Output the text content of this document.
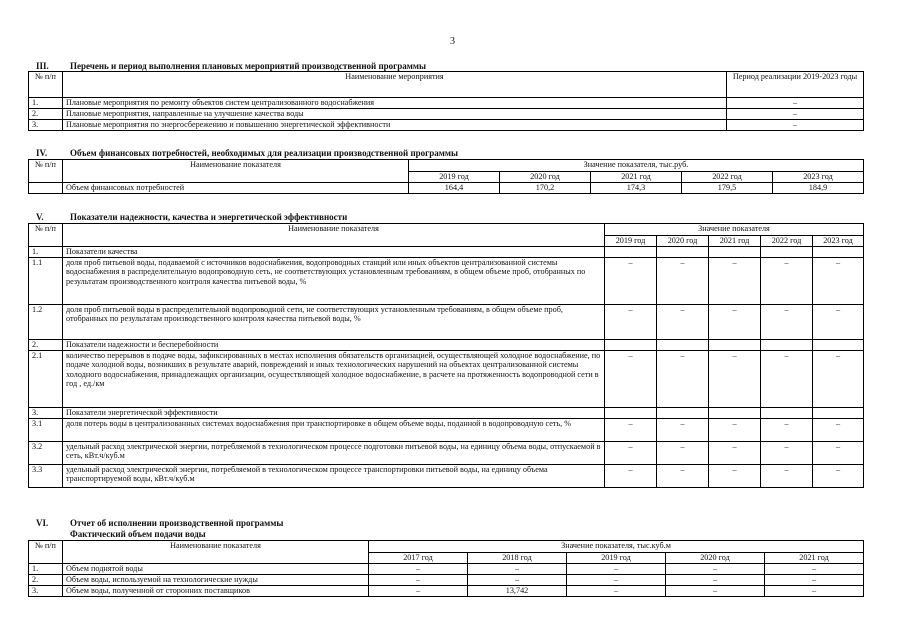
3
III. Перечень и период выполнения плановых мероприятий производственной программы
№ п/п	Наименование мероприятия	Период реализации 2019-2023 годы
1.	Плановые мероприятия по ремонту объектов систем централизованного водоснабжения	–
2.	Плановые мероприятия, направленные на улучшение качества воды	–
3.	Плановые мероприятия по энергосбережению и повышению энергетической эффективности	–
IV.	Объем финансовых потребностей, необходимых для реализации производственной программы
№ п/п	Наименование показателя	Значение показателя, тыс.руб.				
		2019 год	2020 год	2021 год	2022 год	2023 год
	Объем финансовых потребностей	164,4	170,2	174,3	179,5	184,9
V.	Показатели надежности, качества и энергетической эффективности
№ п/п	Наименование показателя	Значение показателя				
		2019 год	2020 год	2021 год	2022 год	2023 год
1.	Показатели качества					
1.1	доля проб питьевой воды, подаваемой с источников водоснабжения, водопроводных станций или иных объектов централизованной системы водоснабжения в распределительную водопроводную сеть, не соответствующих установленным требованиям, в общем объеме проб, отобранных по результатам производственного контроля качества питьевой воды, %	–	–	–	–	–
1.2	доля проб питьевой воды в распределительной водопроводной сети, не соответствующих установленным требованиям, в общем объеме проб, отобранных по результатам производственного контроля качества питьевой воды, %	–	–	–	–	–
2.	Показатели надежности и бесперебойности					
2.1	количество перерывов в подаче воды, зафиксированных в местах исполнения обязательств организацией, осуществляющей холодное водоснабжение, по подаче холодной воды, возникших в результате аварий, повреждений и иных технологических нарушений на объектах централизованной системы холодного водоснабжения, принадлежащих организации, осуществляющей холодное водоснабжение, в расчете на протяженность водопроводной сети в год , ед./км	–	–	–	–	–
3.	Показатели энергетической эффективности					
3.1	доля потерь воды в централизованных системах водоснабжения при транспортировке в общем объеме воды, поданной в водопроводную сеть, %	–	–	–	–	–
3.2	удельный расход электрической энергии, потребляемой в технологическом процессе подготовки питьевой воды, на единицу объема воды, отпускаемой в сеть, кВт.ч/куб.м	–	–	–	–	–
3.3	удельный расход электрической энергии, потребляемой в технологическом процессе транспортировки питьевой воды, на единицу объема транспортируемой воды, кВт.ч/куб.м	–	–	–	–	–
VI. Отчет об исполнении производственной программы
Фактический объем подачи воды
№ п/п	Наименование показателя	Значение показателя, тыс.куб.м				
		2017 год	2018 год	2019 год	2020 год	2021 год
1.	Объем поднятой воды	–	–	–	–	–
2.	Объем воды, используемой на технологические нужды	–	–	–	–	–
3.	Объем воды, полученной от сторонних поставщиков	–	13,742	–	–	–
